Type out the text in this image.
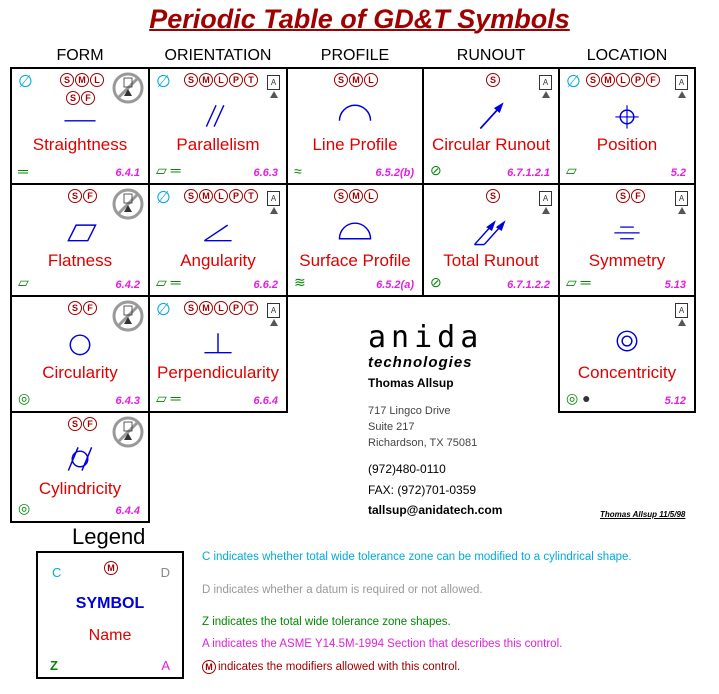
Periodic Table of GD&T Symbols
FORM	ORIENTATION	PROFILE	RUNOUT	LOCATION
∅	S M L
S	F
Straightness
═	6.4.1
∅	S M L	P	T	A
Parallelism
▱ ═	6.6.3
S M L
Line Profile
≈	6.5.2(b)
S	A
Circular Runout
⊘	6.7.1.2.1
∅	S M L	P	F	A
Position
▱	5.2
S	F
Flatness
▱	6.4.2
∅	S M L	P	T	A
Angularity
▱ ═	6.6.2
S M L
Surface Profile
≋	6.5.2(a)
S	A
Total Runout
⊘	6.7.1.2.2
S	F	A
Symmetry
▱ ═	5.13
S	F
Circularity
◎	6.4.3
∅	S M L	P	T	A
Perpendicularity
▱ ═	6.6.4
A
Concentricity
◎ ●	5.12
S	F
Cylindricity
◎	6.4.4
anida
technologies
Thomas Allsup
717 Lingco Drive
Suite 217
Richardson, TX 75081
(972)480-0110
FAX: (972)701-0359
tallsup@anidatech.com	Thomas Allsup 11/5/98
Legend
C	M	D
SYMBOL
Name
Z	A
C indicates whether total wide tolerance zone can be modified to a cylindrical shape.
D indicates whether a datum is required or not allowed.
Z indicates the total wide tolerance zone shapes.
A indicates the ASME Y14.5M-1994 Section that describes this control.
M indicates the modifiers allowed with this control.
